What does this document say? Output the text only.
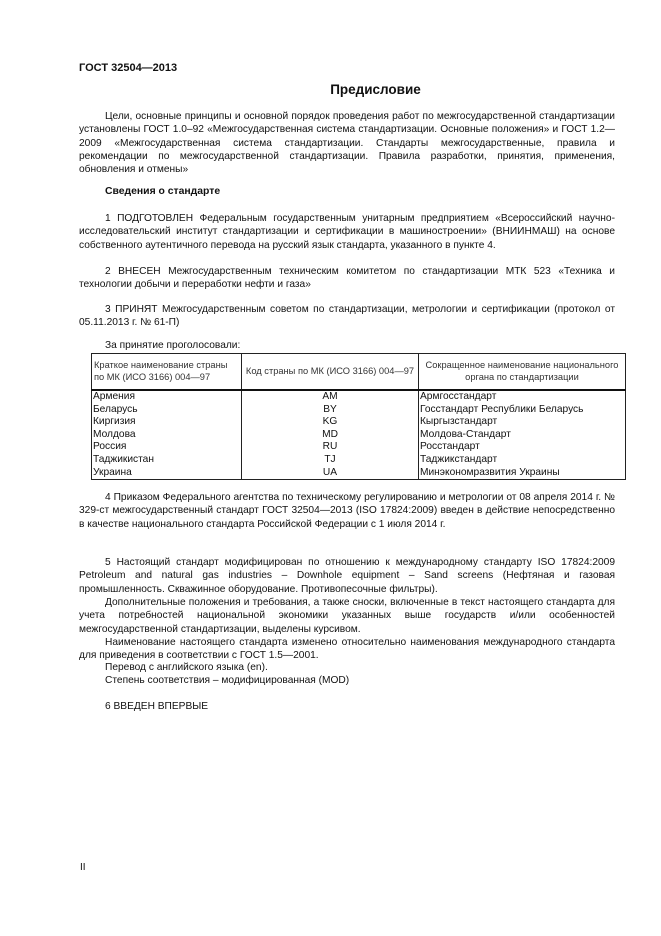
ГОСТ 32504—2013
Предисловие
Цели, основные принципы и основной порядок проведения работ по межгосударственной стандартизации установлены ГОСТ 1.0–92 «Межгосударственная система стандартизации. Основные положения» и ГОСТ 1.2—2009 «Межгосударственная система стандартизации. Стандарты межгосударственные, правила и рекомендации по межгосударственной стандартизации. Правила разработки, принятия, применения, обновления и отмены»
Сведения о стандарте
1 ПОДГОТОВЛЕН Федеральным государственным унитарным предприятием «Всероссийский научно-исследовательский институт стандартизации и сертификации в машиностроении» (ВНИИНМАШ) на основе собственного аутентичного перевода на русский язык стандарта, указанного в пункте 4.
2 ВНЕСЕН Межгосударственным техническим комитетом по стандартизации МТК 523 «Техника и технологии добычи и переработки нефти и газа»
3 ПРИНЯТ Межгосударственным советом по стандартизации, метрологии и сертификации (протокол от 05.11.2013 г. № 61-П)
За принятие проголосовали:
Краткое наименование страны по МК (ИСО 3166) 004—97	Код страны по МК (ИСО 3166) 004—97	Сокращенное наименование национального органа по стандартизации
Армения	AM	Армгосстандарт
Беларусь	BY	Госстандарт Республики Беларусь
Киргизия	KG	Кыргызстандарт
Молдова	MD	Молдова-Стандарт
Россия	RU	Росстандарт
Таджикистан	TJ	Таджикстандарт
Украина	UA	Минэкономразвития Украины
4 Приказом Федерального агентства по техническому регулированию и метрологии от 08 апреля 2014 г. № 329-ст межгосударственный стандарт ГОСТ 32504—2013 (ISO 17824:2009) введен в действие непосредственно в качестве национального стандарта Российской Федерации с 1 июля 2014 г.
5 Настоящий стандарт модифицирован по отношению к международному стандарту ISO 17824:2009 Petroleum and natural gas industries – Downhole equipment – Sand screens (Нефтяная и газовая промышленность. Скважинное оборудование. Противопесочные фильтры).
Дополнительные положения и требования, а также сноски, включенные в текст настоящего стандарта для учета потребностей национальной экономики указанных выше государств и/или особенностей межгосударственной стандартизации, выделены курсивом.
Наименование настоящего стандарта изменено относительно наименования международного стандарта для приведения в соответствии с ГОСТ 1.5—2001.
Перевод с английского языка (en).
Степень соответствия – модифицированная (MOD)
6 ВВЕДЕН ВПЕРВЫЕ
II
